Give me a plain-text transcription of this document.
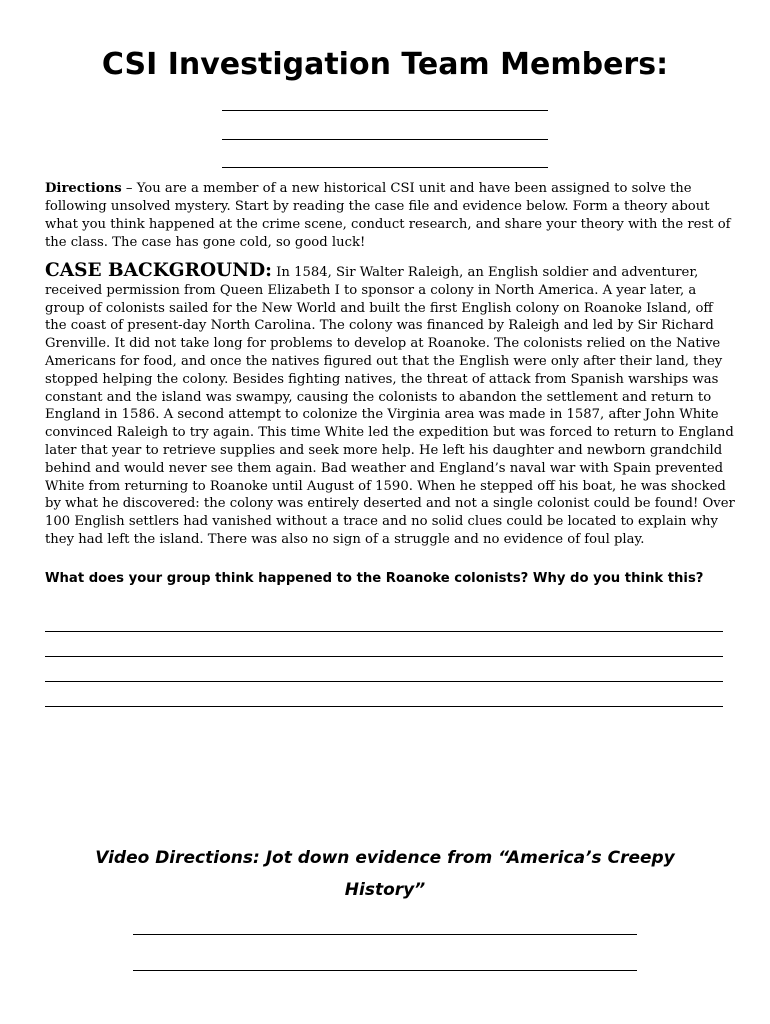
CSI Investigation Team Members:

Directions – You are a member of a new historical CSI unit and have been assigned to solve the following unsolved mystery. Start by reading the case file and evidence below. Form a theory about what you think happened at the crime scene, conduct research, and share your theory with the rest of the class. The case has gone cold, so good luck!

CASE BACKGROUND: In 1584, Sir Walter Raleigh, an English soldier and adventurer, received permission from Queen Elizabeth I to sponsor a colony in North America. A year later, a group of colonists sailed for the New World and built the first English colony on Roanoke Island, off the coast of present-day North Carolina. The colony was financed by Raleigh and led by Sir Richard Grenville. It did not take long for problems to develop at Roanoke. The colonists relied on the Native Americans for food, and once the natives figured out that the English were only after their land, they stopped helping the colony. Besides fighting natives, the threat of attack from Spanish warships was constant and the island was swampy, causing the colonists to abandon the settlement and return to England in 1586. A second attempt to colonize the Virginia area was made in 1587, after John White convinced Raleigh to try again. This time White led the expedition but was forced to return to England later that year to retrieve supplies and seek more help. He left his daughter and newborn grandchild behind and would never see them again. Bad weather and England’s naval war with Spain prevented White from returning to Roanoke until August of 1590. When he stepped off his boat, he was shocked by what he discovered: the colony was entirely deserted and not a single colonist could be found! Over 100 English settlers had vanished without a trace and no solid clues could be located to explain why they had left the island. There was also no sign of a struggle and no evidence of foul play.

What does your group think happened to the Roanoke colonists? Why do you think this?

Video Directions: Jot down evidence from “America’s Creepy History”
